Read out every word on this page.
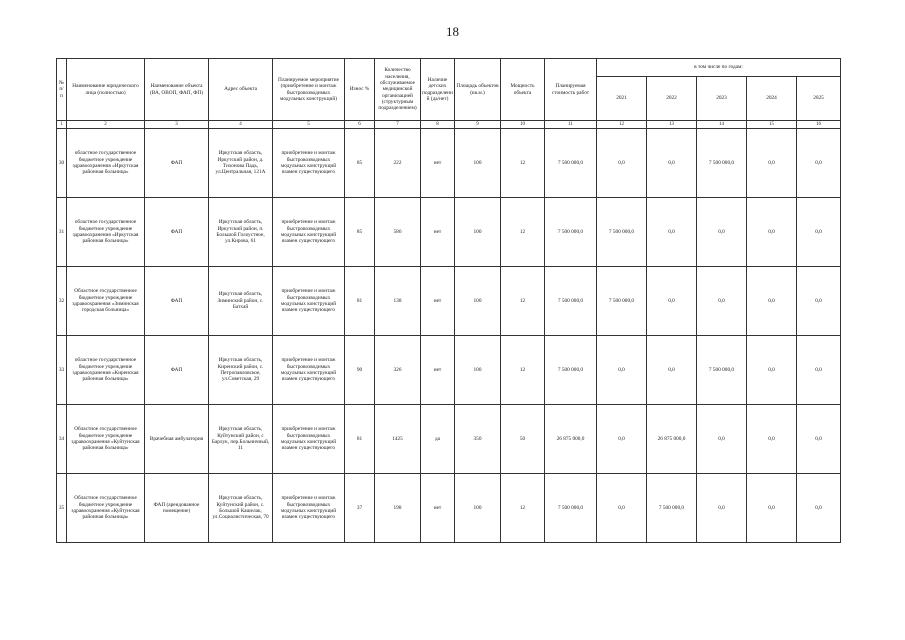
18
№ п/п	Наименование юридического лица (полностью)	Наименование объекта (ВА, ОВОП, ФАП, ФП)	Адрес объекта	Планируемое мероприятие (приобретение и монтаж быстровозводимых модульных конструкций)	Износ %	Количество населения, обслуживаемое медицинской организацией (структурным подразделением)	Наличие детских подразделений (да/нет)	Площадь объектов (кв.м.)	Мощность объекта	Планируемая стоимость работ	в том числе по годам:				
											2021	2022	2023	2024	2025
1	2	3	4	5	6	7	8	9	10	11	12	13	14	15	16
30	областное государственное бюджетное учреждение здравоохранения «Иркутская районная больница»	ФАП	Иркутская область, Иркутский район, д. Тихонова Падь, ул.Центральная, 121А	приобретение и монтаж быстровозводимых модульных конструкций взамен существующего	85	222	нет	100	12	7 500 000,0	0,0	0,0	7 500 000,0	0,0	0,0
31	областное государственное бюджетное учреждение здравоохранения «Иркутская районная больница»	ФАП	Иркутская область, Иркутский район, п. Большой Голоустное, ул.Кирова, 61	приобретение и монтаж быстровозводимых модульных конструкций взамен существующего	85	586	нет	100	12	7 500 000,0	7 500 000,0	0,0	0,0	0,0	0,0
32	Областное государственное бюджетное учреждение здравоохранения «Зиминская городская больница»	ФАП	Иркутская область, Зиминский район, с. Батхай	приобретение и монтаж быстровозводимых модульных конструкций взамен существующего	81	138	нет	100	12	7 500 000,0	7 500 000,0	0,0	0,0	0,0	0,0
33	областное государственное бюджетное учреждение здравоохранения «Киренская районная больница»	ФАП	Иркутская область, Киренский район, с. Петропавловское, ул.Советская, 29	приобретение и монтаж быстровозводимых модульных конструкций взамен существующего	90	326	нет	100	12	7 500 000,0	0,0	0,0	7 500 000,0	0,0	0,0
34	Областное государственное бюджетное учреждение здравоохранения «Куйтунская районная больница»	Врачебная амбулатория	Иркутская область, Куйтунский район, с Барлук, пер.Больничный, 11	приобретение и монтаж быстровозводимых модульных конструкций взамен существующего	81	1425	да	350	50	26 875 000,0	0,0	26 875 000,0	0,0	0,0	0,0
35	Областное государственное бюджетное учреждение здравоохранения «Куйтунская районная больница»	ФАП (арендованное помещение)	Иркутская область, Куйтунский район, с. Большой Кашелак, ул.Социалистическая, 70	приобретение и монтаж быстровозводимых модульных конструкций взамен существующего	37	198	нет	100	12	7 500 000,0	0,0	7 500 000,0	0,0	0,0	0,0
